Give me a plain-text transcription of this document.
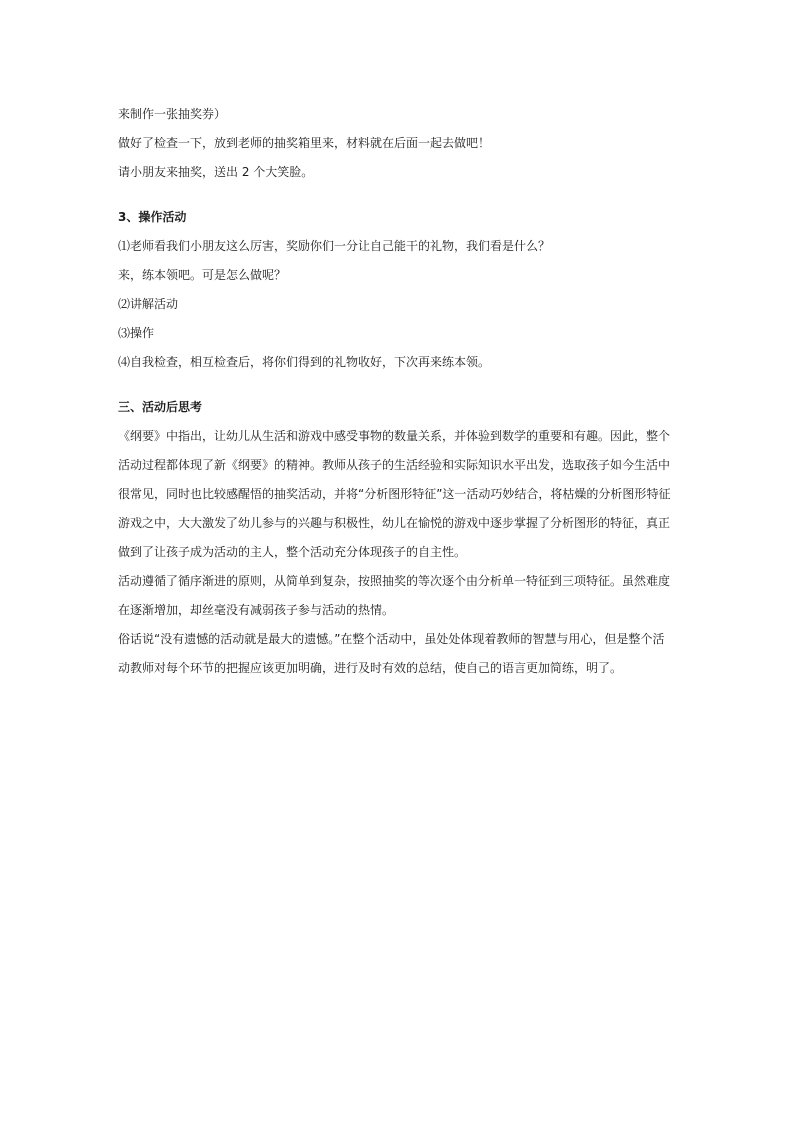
来制作一张抽奖券）

做好了检查一下，放到老师的抽奖箱里来，材料就在后面一起去做吧！

请小朋友来抽奖，送出 2 个大笑脸。

3、操作活动

⑴老师看我们小朋友这么厉害，奖励你们一分让自己能干的礼物，我们看是什么？

来，练本领吧。可是怎么做呢？

⑵讲解活动

⑶操作

⑷自我检查，相互检查后，将你们得到的礼物收好，下次再来练本领。

三、活动后思考

《纲要》中指出，让幼儿从生活和游戏中感受事物的数量关系，并体验到数学的重要和有趣。因此，整个

活动过程都体现了新《纲要》的精神。教师从孩子的生活经验和实际知识水平出发，选取孩子如今生活中

很常见，同时也比较感醒悟的抽奖活动，并将“分析图形特征”这一活动巧妙结合，将枯燥的分析图形特征

游戏之中，大大激发了幼儿参与的兴趣与积极性，幼儿在愉悦的游戏中逐步掌握了分析图形的特征，真正

做到了让孩子成为活动的主人，整个活动充分体现孩子的自主性。

活动遵循了循序渐进的原则，从简单到复杂，按照抽奖的等次逐个由分析单一特征到三项特征。虽然难度

在逐渐增加，却丝毫没有减弱孩子参与活动的热情。

俗话说“没有遗憾的活动就是最大的遗憾。”在整个活动中，虽处处体现着教师的智慧与用心，但是整个活

动教师对每个环节的把握应该更加明确，进行及时有效的总结，使自己的语言更加简练，明了。
